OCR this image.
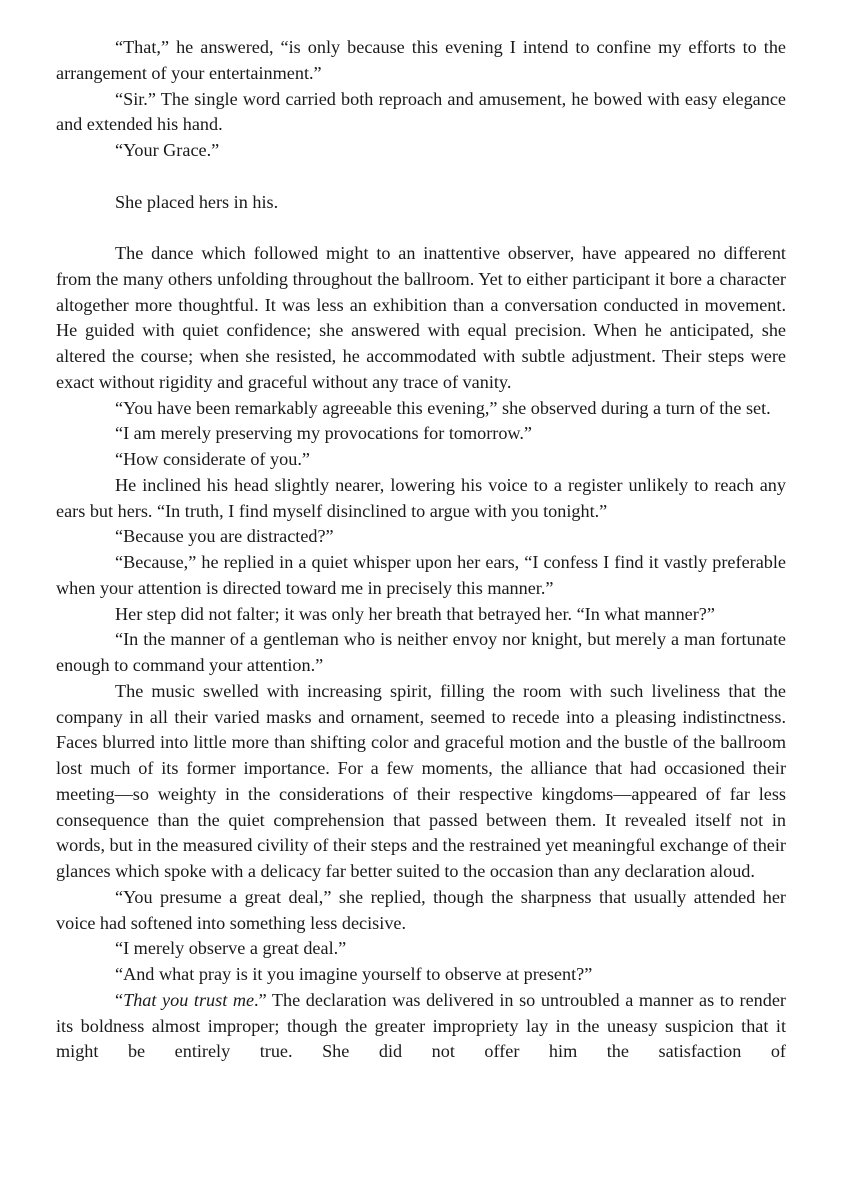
“That,” he answered, “is only because this evening I intend to confine my efforts to the arrangement of your entertainment.”

“Sir.” The single word carried both reproach and amusement, he bowed with easy elegance and extended his hand.

“Your Grace.”

She placed hers in his.

The dance which followed might to an inattentive observer, have appeared no different from the many others unfolding throughout the ballroom. Yet to either participant it bore a character altogether more thoughtful. It was less an exhibition than a conversation conducted in movement. He guided with quiet confidence; she answered with equal precision. When he anticipated, she altered the course; when she resisted, he accommodated with subtle adjustment. Their steps were exact without rigidity and graceful without any trace of vanity.

“You have been remarkably agreeable this evening,” she observed during a turn of the set.

“I am merely preserving my provocations for tomorrow.”

“How considerate of you.”

He inclined his head slightly nearer, lowering his voice to a register unlikely to reach any ears but hers. “In truth, I find myself disinclined to argue with you tonight.”

“Because you are distracted?”

“Because,” he replied in a quiet whisper upon her ears, “I confess I find it vastly preferable when your attention is directed toward me in precisely this manner.”

Her step did not falter; it was only her breath that betrayed her. “In what manner?”

“In the manner of a gentleman who is neither envoy nor knight, but merely a man fortunate enough to command your attention.”

The music swelled with increasing spirit, filling the room with such liveliness that the company in all their varied masks and ornament, seemed to recede into a pleasing indistinctness. Faces blurred into little more than shifting color and graceful motion and the bustle of the ballroom lost much of its former importance. For a few moments, the alliance that had occasioned their meeting—so weighty in the considerations of their respective kingdoms—appeared of far less consequence than the quiet comprehension that passed between them. It revealed itself not in words, but in the measured civility of their steps and the restrained yet meaningful exchange of their glances which spoke with a delicacy far better suited to the occasion than any declaration aloud.

“You presume a great deal,” she replied, though the sharpness that usually attended her voice had softened into something less decisive.

“I merely observe a great deal.”

“And what pray is it you imagine yourself to observe at present?”

“That you trust me.” The declaration was delivered in so untroubled a manner as to render its boldness almost improper; though the greater impropriety lay in the uneasy suspicion that it might be entirely true. She did not offer him the satisfaction of
